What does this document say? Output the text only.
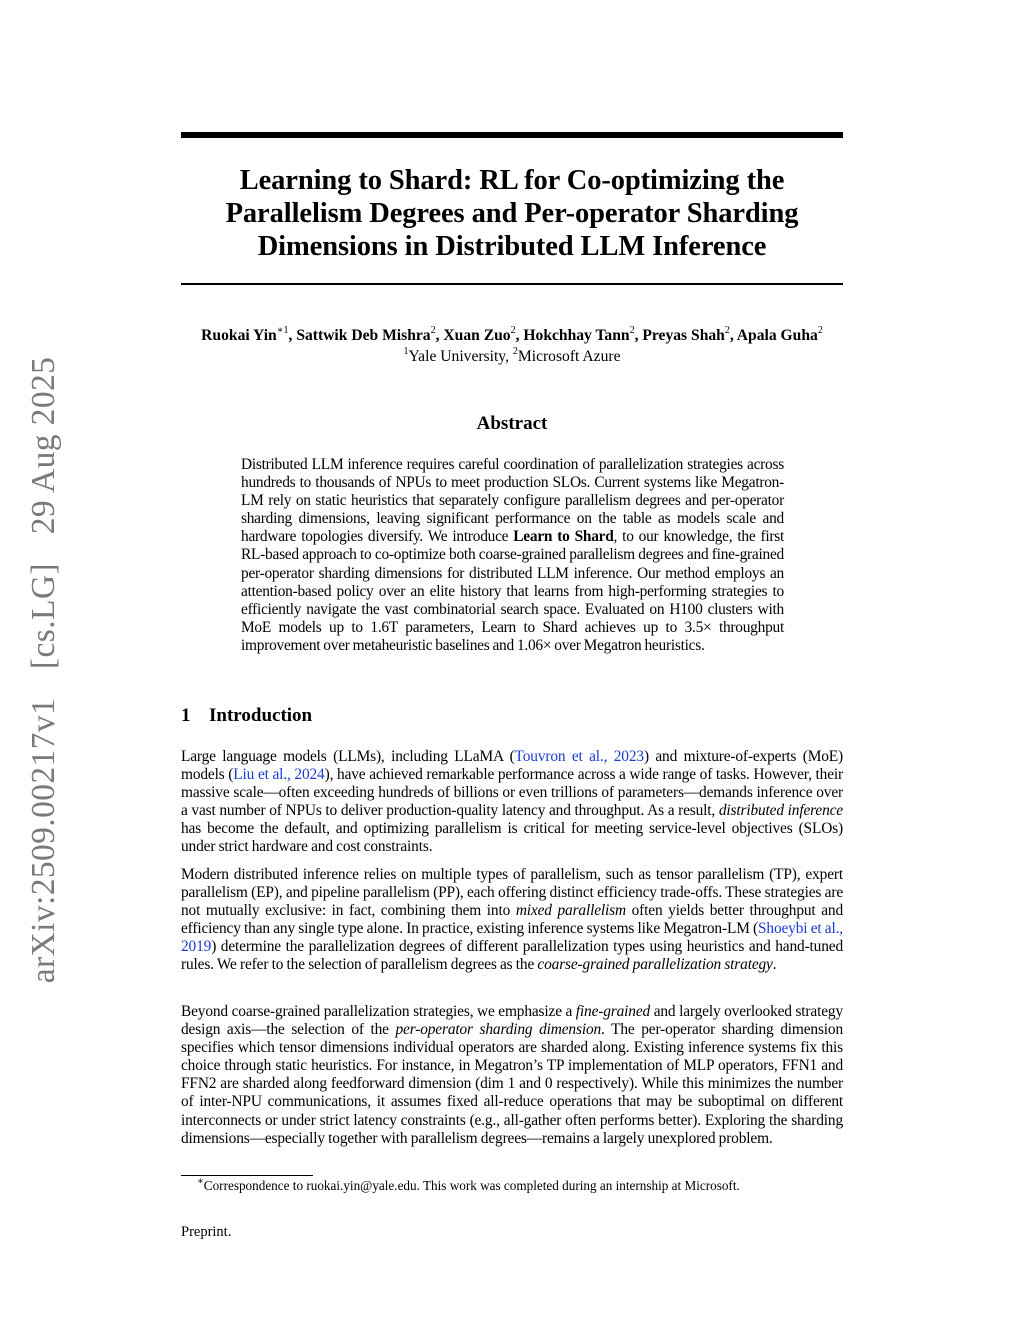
arXiv:2509.00217v1 [cs.LG] 29 Aug 2025
Learning to Shard: RL for Co-optimizing the
Parallelism Degrees and Per-operator Sharding
Dimensions in Distributed LLM Inference
Ruokai Yin$^{∗1}$, Sattwik Deb Mishra$^2$, Xuan Zuo$^2$, Hokchhay Tann$^2$, Preyas Shah$^2$, Apala Guha$^2$
$^1$Yale University, $^2$Microsoft Azure
Abstract
Distributed LLM inference requires careful coordination of parallelization strategies across hundreds to thousands of NPUs to meet production SLOs. Current systems like Megatron-LM rely on static heuristics that separately configure parallelism degrees and per-operator sharding dimensions, leaving significant performance on the table as models scale and hardware topologies diversify. We introduce Learn to Shard, to our knowledge, the first RL-based approach to co-optimize both coarse-grained parallelism degrees and fine-grained per-operator sharding dimensions for distributed LLM inference. Our method employs an attention-based policy over an elite history that learns from high-performing strategies to efficiently navigate the vast combinatorial search space. Evaluated on H100 clusters with MoE models up to 1.6T parameters, Learn to Shard achieves up to 3.5× throughput improvement over metaheuristic baselines and 1.06× over Megatron heuristics.
1 Introduction
Large language models (LLMs), including LLaMA (Touvron et al., 2023) and mixture-of-experts (MoE) models (Liu et al., 2024), have achieved remarkable performance across a wide range of tasks. However, their massive scale—often exceeding hundreds of billions or even trillions of parameters—demands inference over a vast number of NPUs to deliver production-quality latency and throughput. As a result, distributed inference has become the default, and optimizing parallelism is critical for meeting service-level objectives (SLOs) under strict hardware and cost constraints.
Modern distributed inference relies on multiple types of parallelism, such as tensor parallelism (TP), expert parallelism (EP), and pipeline parallelism (PP), each offering distinct efficiency trade-offs. These strategies are not mutually exclusive: in fact, combining them into mixed parallelism often yields better throughput and efficiency than any single type alone. In practice, existing inference systems like Megatron-LM (Shoeybi et al., 2019) determine the parallelization degrees of different parallelization types using heuristics and hand-tuned rules. We refer to the selection of parallelism degrees as the coarse-grained parallelization strategy.
Beyond coarse-grained parallelization strategies, we emphasize a fine-grained and largely overlooked strategy design axis—the selection of the per-operator sharding dimension. The per-operator sharding dimension specifies which tensor dimensions individual operators are sharded along. Existing inference systems fix this choice through static heuristics. For instance, in Megatron’s TP implementation of MLP operators, FFN1 and FFN2 are sharded along feedforward dimension (dim 1 and 0 respectively). While this minimizes the number of inter-NPU communications, it assumes fixed all-reduce operations that may be suboptimal on different interconnects or under strict latency constraints (e.g., all-gather often performs better). Exploring the sharding dimensions—especially together with parallelism degrees—remains a largely unexplored problem.
∗Correspondence to ruokai.yin@yale.edu. This work was completed during an internship at Microsoft.
Preprint.
